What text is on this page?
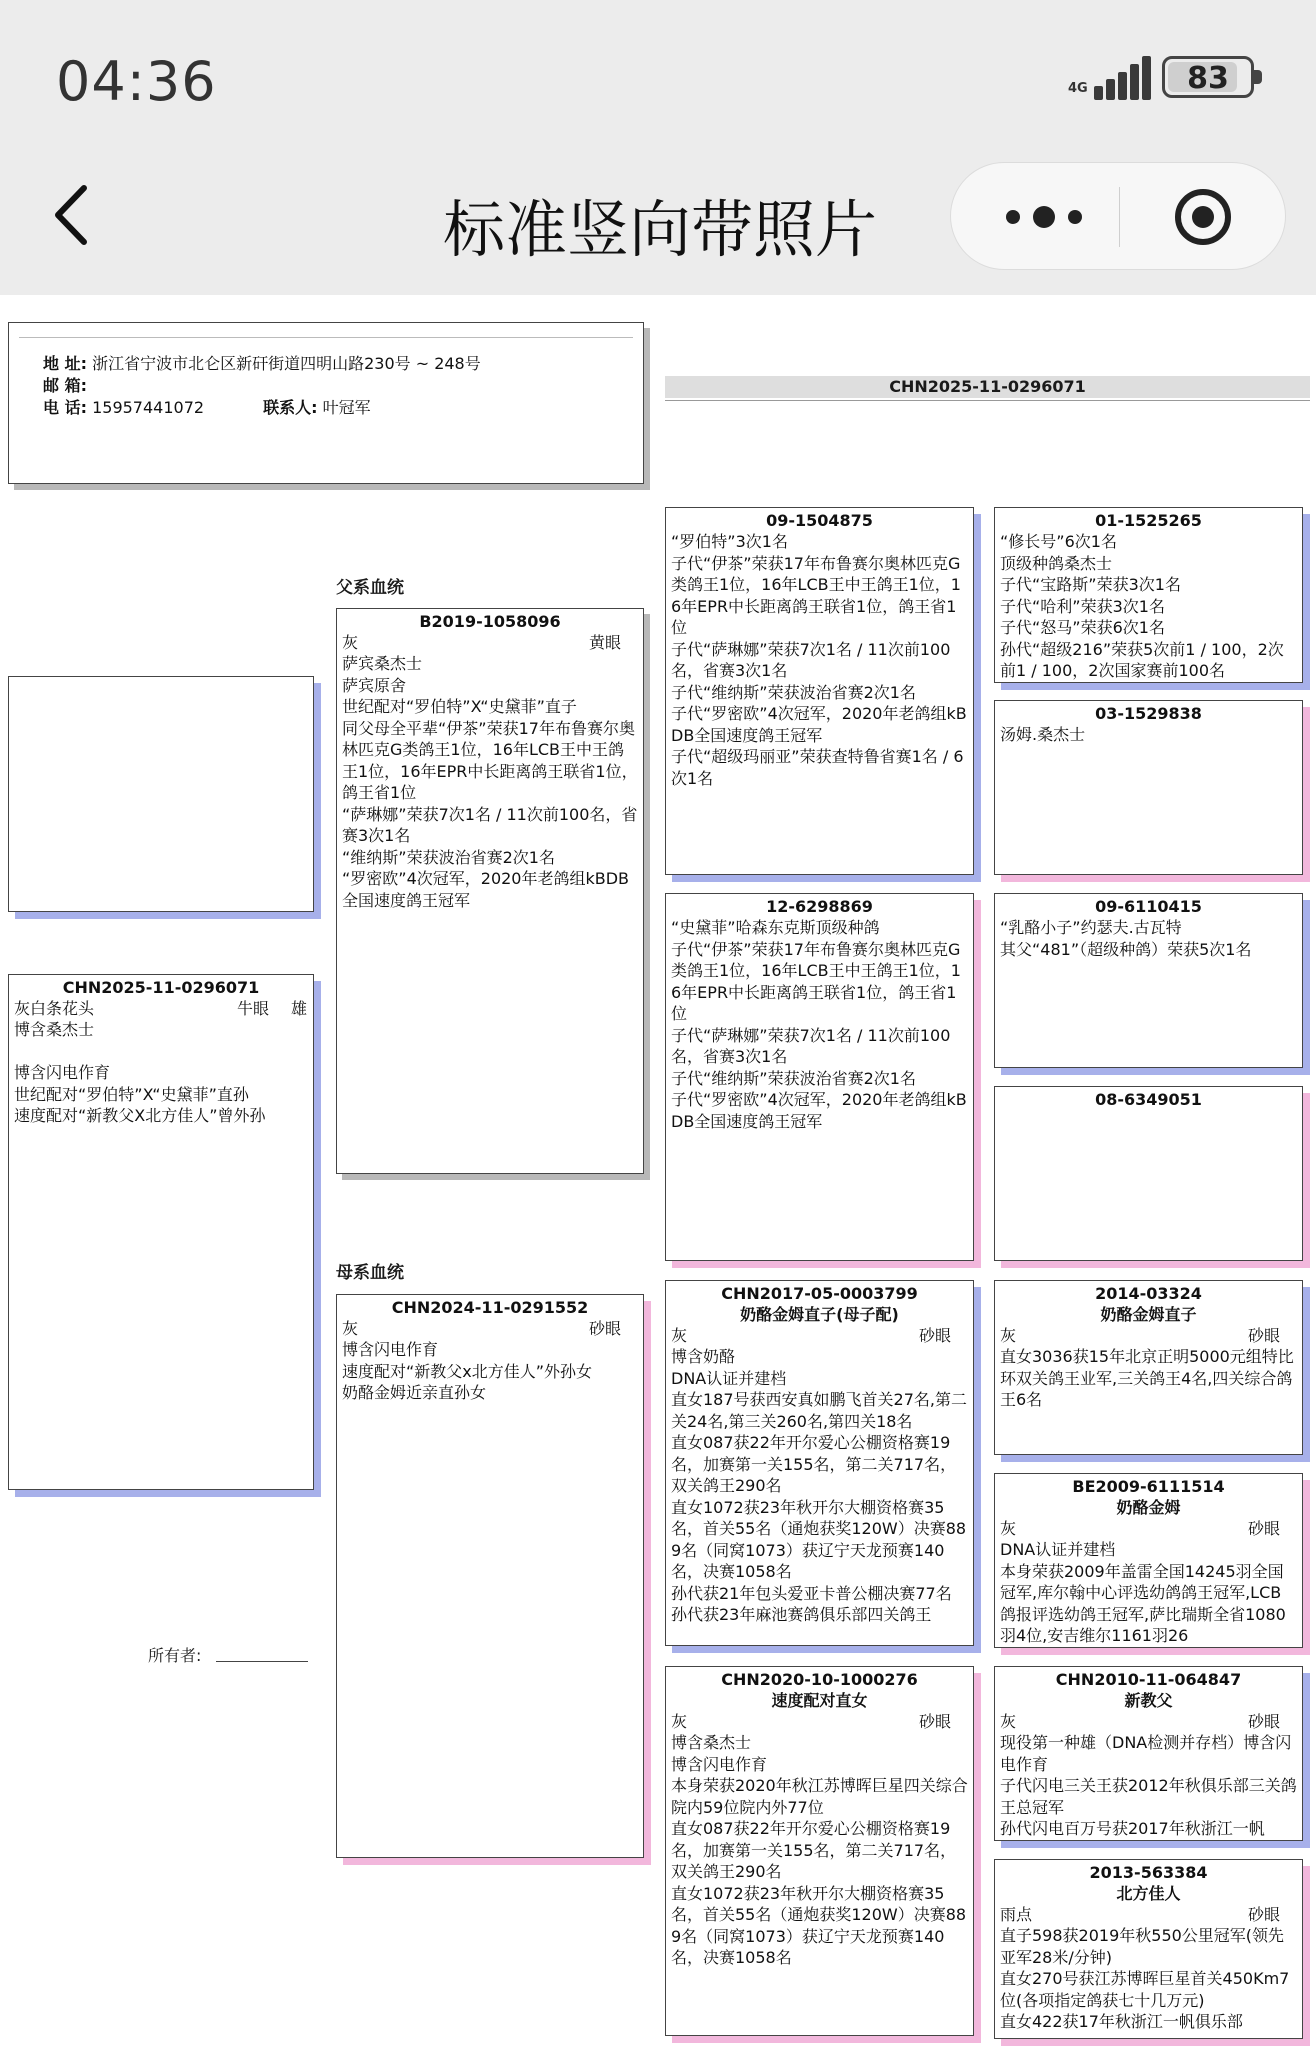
04:36	4G	83
标准竖向带照片
地 址: 浙江省宁波市北仑区新矸街道四明山路230号 ~ 248号
邮 箱:
电 话: 15957441072	联系人: 叶冠军
CHN2025-11-0296071
父系血统
母系血统
CHN2025-11-0296071
灰白条花头	牛眼 雄
博含桑杰士

博含闪电作育
世纪配对“罗伯特”X“史黛菲”直孙
速度配对“新教父X北方佳人”曾外孙
所有者:
B2019-1058096
灰	黄眼
萨宾桑杰士
萨宾原舍
世纪配对“罗伯特”X“史黛菲”直子
同父母全平辈“伊茶”荣获17年布鲁赛尔奥林匹克G类鸽王1位，16年LCB王中王鸽王1位，16年EPR中长距离鸽王联省1位，鸽王省1位
“萨琳娜”荣获7次1名 / 11次前100名，省赛3次1名
“维纳斯”荣获波治省赛2次1名
“罗密欧”4次冠军，2020年老鸽组kBDB全国速度鸽王冠军
CHN2024-11-0291552
灰	砂眼
博含闪电作育
速度配对“新教父x北方佳人”外孙女
奶酪金姆近亲直孙女
09-1504875
“罗伯特”3次1名
子代“伊茶”荣获17年布鲁赛尔奥林匹克G类鸽王1位，16年LCB王中王鸽王1位，16年EPR中长距离鸽王联省1位，鸽王省1位
子代“萨琳娜”荣获7次1名 / 11次前100名，省赛3次1名
子代“维纳斯”荣获波治省赛2次1名
子代“罗密欧”4次冠军，2020年老鸽组kBDB全国速度鸽王冠军
子代“超级玛丽亚”荣获查特鲁省赛1名 / 6次1名
12-6298869
“史黛菲”哈森东克斯顶级种鸽
子代“伊茶”荣获17年布鲁赛尔奥林匹克G类鸽王1位，16年LCB王中王鸽王1位，16年EPR中长距离鸽王联省1位，鸽王省1位
子代“萨琳娜”荣获7次1名 / 11次前100名，省赛3次1名
子代“维纳斯”荣获波治省赛2次1名
子代“罗密欧”4次冠军，2020年老鸽组kBDB全国速度鸽王冠军
CHN2017-05-0003799
奶酪金姆直子(母子配)
灰	砂眼
博含奶酪
DNA认证并建档
直女187号获西安真如鹏飞首关27名,第二关24名,第三关260名,第四关18名
直女087获22年开尔爱心公棚资格赛19名，加赛第一关155名，第二关717名，双关鸽王290名
直女1072获23年秋开尔大棚资格赛35名，首关55名（通炮获奖120W）决赛889名（同窝1073）获辽宁天龙预赛140名，决赛1058名
孙代获21年包头爱亚卡普公棚决赛77名
孙代获23年麻池赛鸽俱乐部四关鸽王
CHN2020-10-1000276
速度配对直女
灰	砂眼
博含桑杰士
博含闪电作育
本身荣获2020年秋江苏博晖巨星四关综合院内59位院内外77位
直女087获22年开尔爱心公棚资格赛19名，加赛第一关155名，第二关717名，双关鸽王290名
直女1072获23年秋开尔大棚资格赛35名，首关55名（通炮获奖120W）决赛889名（同窝1073）获辽宁天龙预赛140名，决赛1058名
01-1525265
“修长号”6次1名
顶级种鸽桑杰士
子代“宝路斯”荣获3次1名
子代“哈利”荣获3次1名
子代“怒马”荣获6次1名
孙代“超级216”荣获5次前1 / 100，2次前1 / 100，2次国家赛前100名
03-1529838
汤姆.桑杰士
09-6110415
“乳酪小子”约瑟夫.古瓦特
其父“481”（超级种鸽）荣获5次1名
08-6349051
2014-03324
奶酪金姆直子
灰	砂眼
直女3036获15年北京正明5000元组特比环双关鸽王业军,三关鸽王4名,四关综合鸽王6名
BE2009-6111514
奶酪金姆
灰	砂眼
DNA认证并建档
本身荣获2009年盖雷全国14245羽全国冠军,库尔翰中心评选幼鸽鸽王冠军,LCB鸽报评选幼鸽王冠军,萨比瑞斯全省1080羽4位,安吉维尔1161羽26
CHN2010-11-064847
新教父
灰	砂眼
现役第一种雄（DNA检测并存档）博含闪电作育
子代闪电三关王获2012年秋俱乐部三关鸽王总冠军
孙代闪电百万号获2017年秋浙江一帆
2013-563384
北方佳人
雨点	砂眼
直子598获2019年秋550公里冠军(领先亚军28米/分钟)
直女270号获江苏博晖巨星首关450Km7位(各项指定鸽获七十几万元)
直女422获17年秋浙江一帆俱乐部
